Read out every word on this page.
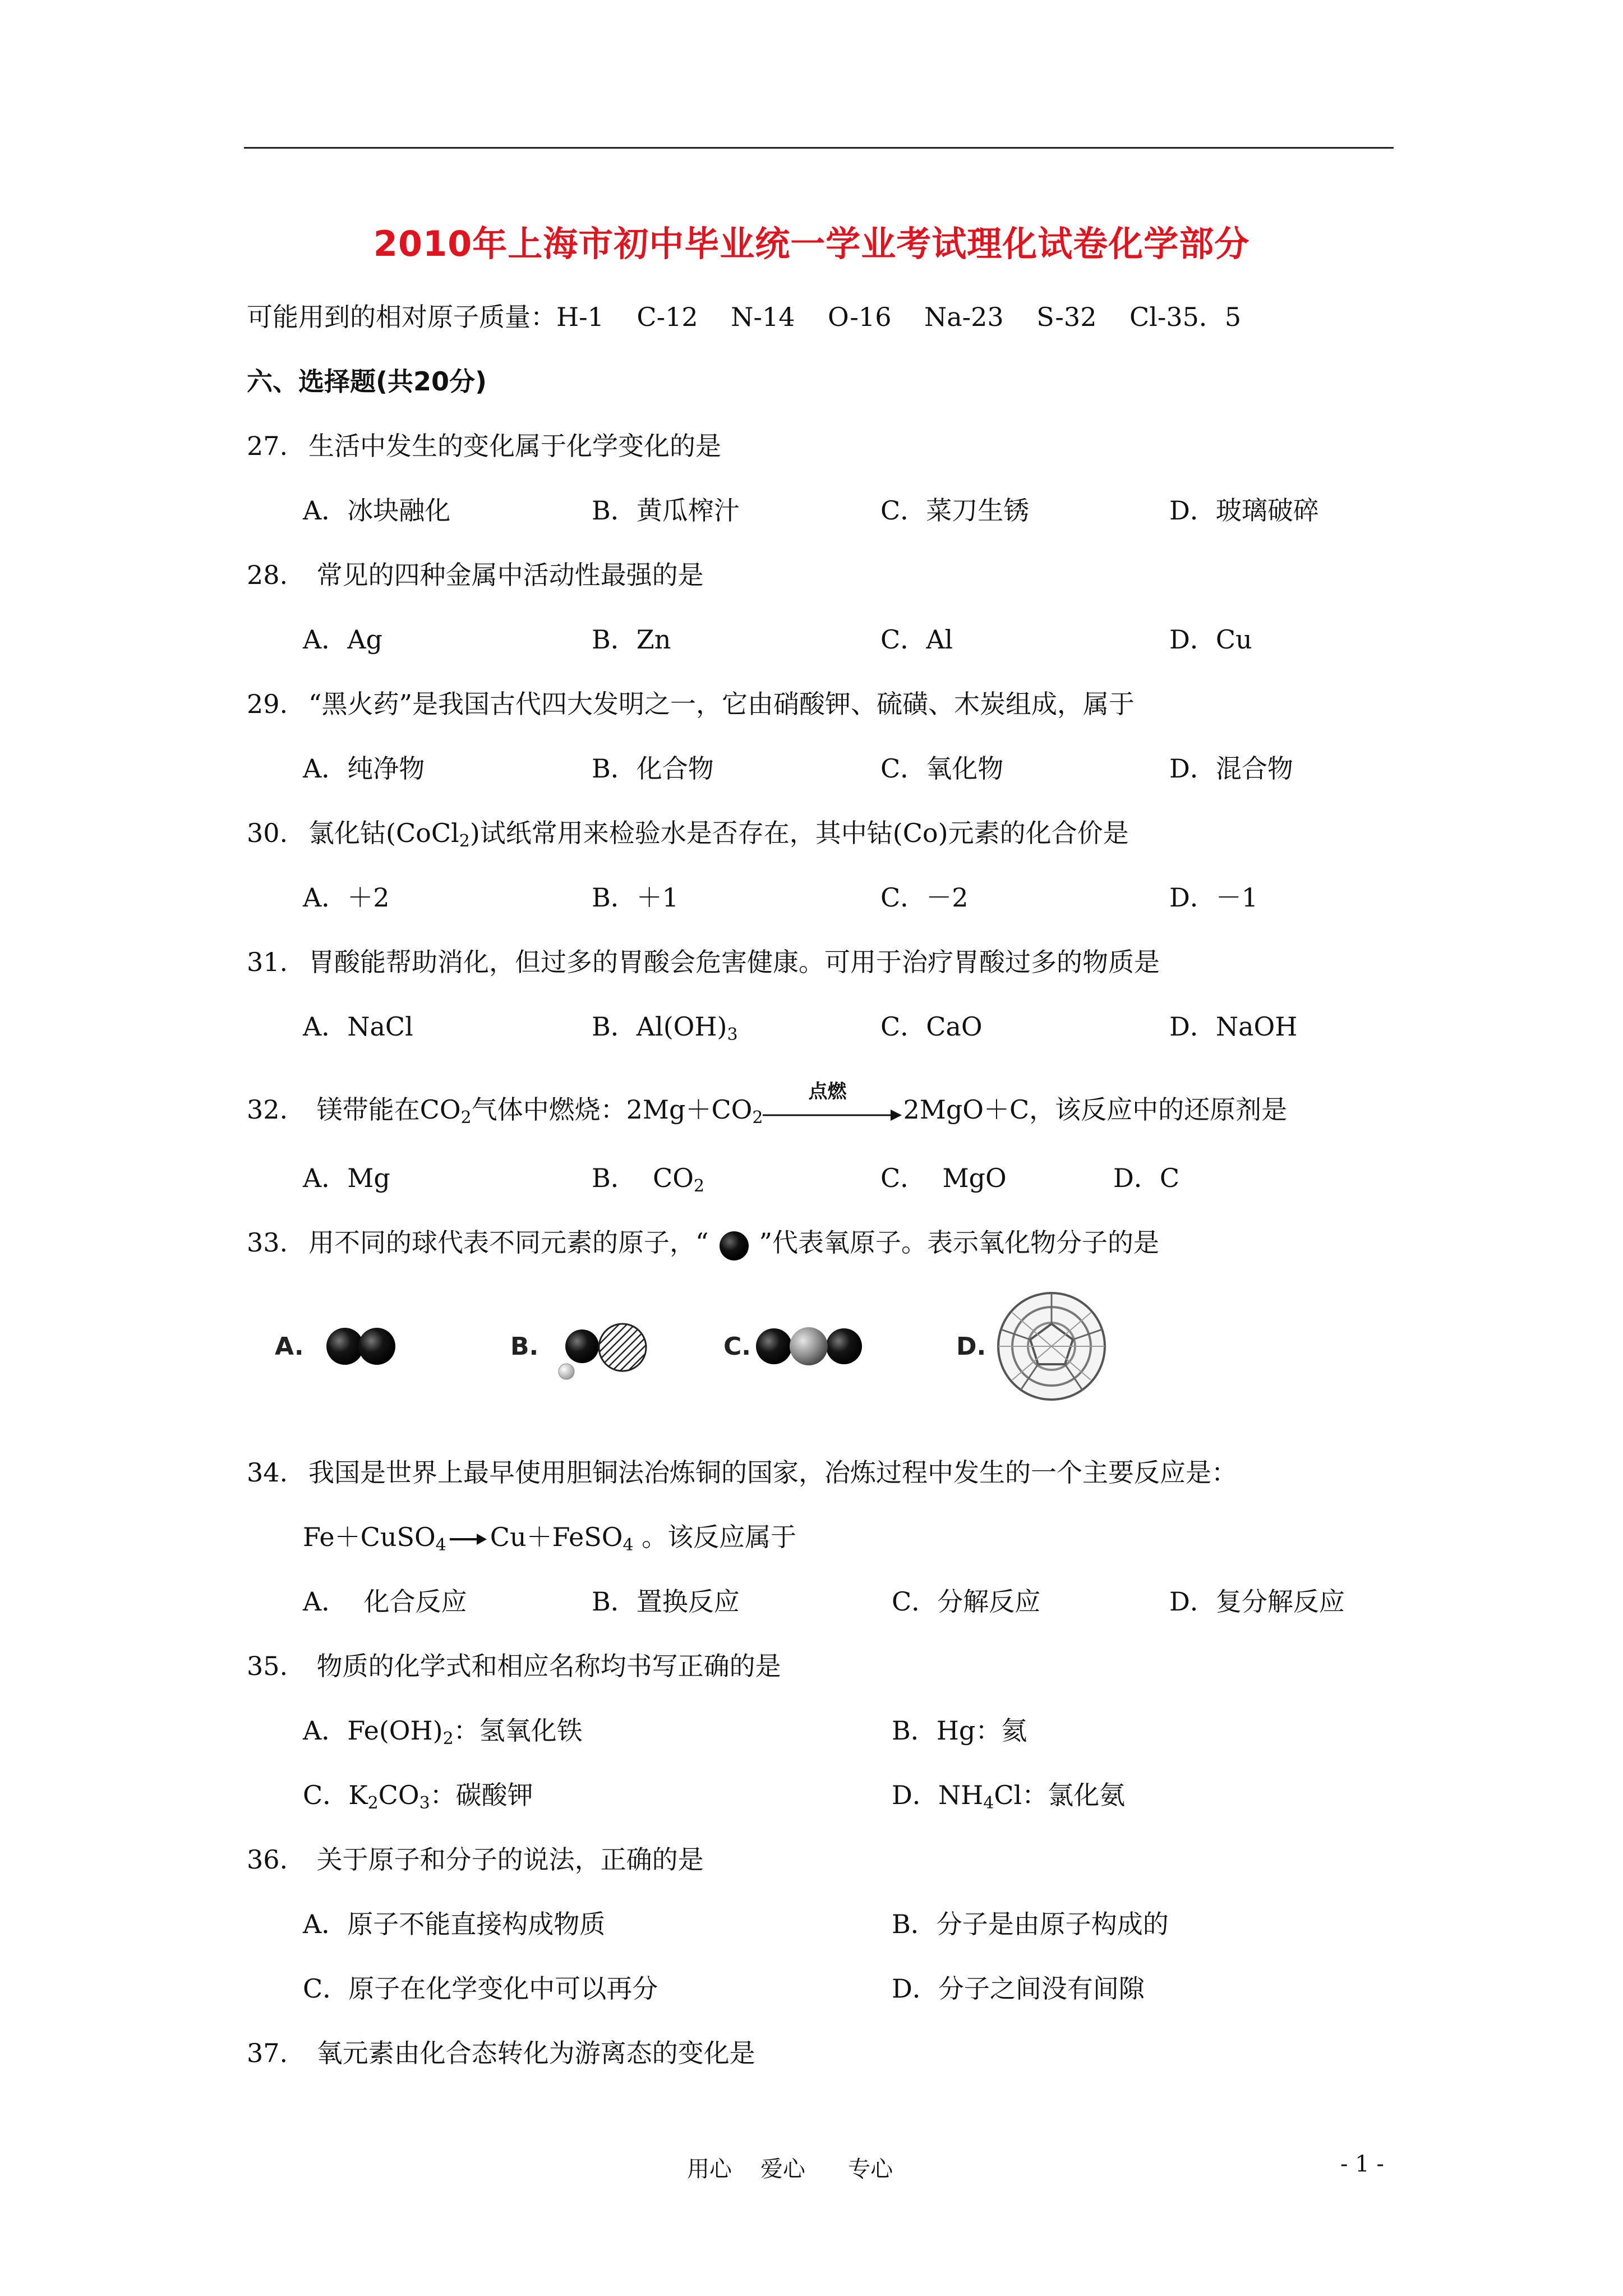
2010年上海市初中毕业统一学业考试理化试卷化学部分
可能用到的相对原子质量：H-1    C-12    N-14    O-16    Na-23    S-32    Cl-35．5
六、选择题(共20分)
27. 生活中发生的变化属于化学变化的是

A．冰块融化

	B．黄瓜榨汁

	C．菜刀生锈

	D．玻璃破碎

28. 常见的四种金属中活动性最强的是

A．Ag

	B．Zn

	C．Al

	D．Cu

29. “黑火药”是我国古代四大发明之一，它由硝酸钾、硫磺、木炭组成，属于

A．纯净物

	B．化合物

	C．氧化物

	D．混合物

30. 氯化钴(CoCl$_2$)试纸常用来检验水是否存在，其中钴(Co)元素的化合价是

A．＋2

	B．＋1

	C．－2

	D．－1

31. 胃酸能帮助消化，但过多的胃酸会危害健康。可用于治疗胃酸过多的物质是

A．NaCl

	B．$Al(OH)_3$

	C．CaO

	D．NaOH

32. 镁带能在$CO_2$气体中燃烧：$2Mg+CO_2$
点燃
2MgO＋C，该反应中的还原剂是

A．Mg

	B．  $CO_2$

	C．  MgO

	D．C

33. 用不同的球代表不同元素的原子，“ ”代表氧原子。表示氧化物分子的是
A.	B.	C.	D.
34. 我国是世界上最早使用胆铜法冶炼铜的国家，冶炼过程中发生的一个主要反应是：
Fe＋CuSO$_4$ Cu＋FeSO$_4$ 。该反应属于

A．  化合反应

	B．置换反应

	C．分解反应

	D．复分解反应

35. 物质的化学式和相应名称均书写正确的是

A．$Fe(OH)_2$：氢氧化铁

	B．Hg：氦

C．$K_2CO_3$：碳酸钾

	D．$NH_4Cl$：氯化氨

36. 关于原子和分子的说法，正确的是

A．原子不能直接构成物质

	B．分子是由原子构成的

C．原子在化学变化中可以再分

	D．分子之间没有间隙

37. 氧元素由化合态转化为游离态的变化是
用心    爱心      专心	- 1 -
